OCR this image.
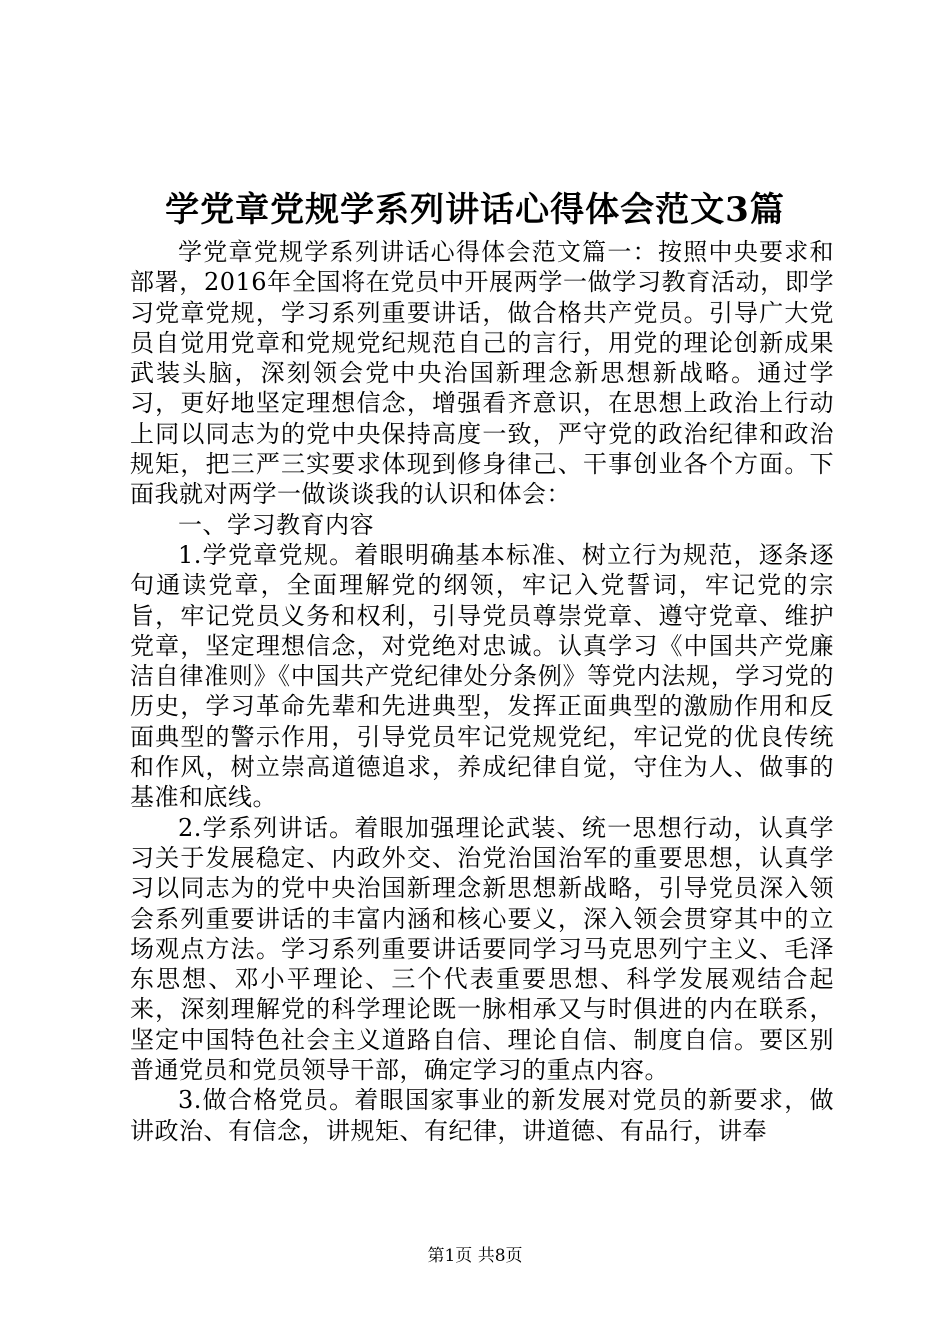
学党章党规学系列讲话心得体会范文3篇

学党章党规学系列讲话心得体会范文篇一：按照中央要求和部署，2016年全国将在党员中开展两学一做学习教育活动，即学习党章党规，学习系列重要讲话，做合格共产党员。引导广大党员自觉用党章和党规党纪规范自己的言行，用党的理论创新成果武装头脑，深刻领会党中央治国新理念新思想新战略。通过学习，更好地坚定理想信念，增强看齐意识，在思想上政治上行动上同以同志为的党中央保持高度一致，严守党的政治纪律和政治规矩，把三严三实要求体现到修身律己、干事创业各个方面。下面我就对两学一做谈谈我的认识和体会：

一、学习教育内容

1.学党章党规。着眼明确基本标准、树立行为规范，逐条逐句通读党章，全面理解党的纲领，牢记入党誓词，牢记党的宗旨，牢记党员义务和权利，引导党员尊崇党章、遵守党章、维护党章，坚定理想信念，对党绝对忠诚。认真学习《中国共产党廉洁自律准则》《中国共产党纪律处分条例》等党内法规，学习党的历史，学习革命先辈和先进典型，发挥正面典型的激励作用和反面典型的警示作用，引导党员牢记党规党纪，牢记党的优良传统和作风，树立崇高道德追求，养成纪律自觉，守住为人、做事的基准和底线。

2.学系列讲话。着眼加强理论武装、统一思想行动，认真学习关于发展稳定、内政外交、治党治国治军的重要思想，认真学习以同志为的党中央治国新理念新思想新战略，引导党员深入领会系列重要讲话的丰富内涵和核心要义，深入领会贯穿其中的立场观点方法。学习系列重要讲话要同学习马克思列宁主义、毛泽东思想、邓小平理论、三个代表重要思想、科学发展观结合起来，深刻理解党的科学理论既一脉相承又与时俱进的内在联系，坚定中国特色社会主义道路自信、理论自信、制度自信。要区别普通党员和党员领导干部，确定学习的重点内容。

3.做合格党员。着眼国家事业的新发展对党员的新要求，做讲政治、有信念，讲规矩、有纪律，讲道德、有品行，讲奉

第1页 共8页
